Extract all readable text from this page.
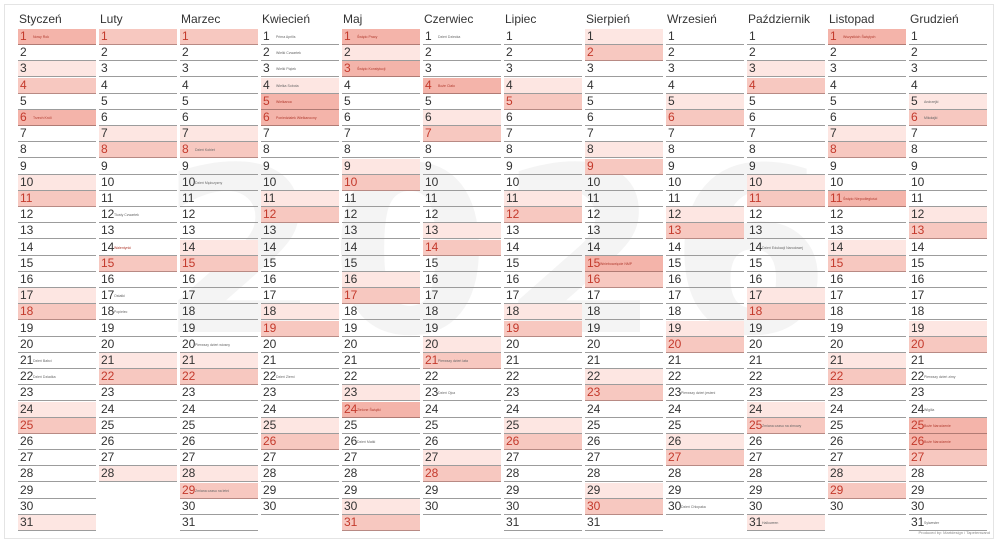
Styczeń
1 Nowy Rok
2
3
4
5
6 Trzech Króli
7
8
9
10
11
12
13
14
15
16
17
18
19
20
21 Dzień Babci
22 Dzień Dziadka
23
24
25
26
27
28
29
30
31
Luty
1
2
3
4
5
6
7
8
9
10
11
12 Tłusty Czwartek
13
14 Walentynki
15
16
17 Ostatki
18 Popielec
19
20
21
22
23
24
25
26
27
28
Marzec
1
2
3
4
5
6
7
8 Dzień Kobiet
9
10 Dzień Mężczyzny
11
12
13
14
15
16
17
18
19
20 Pierwszy dzień wiosny
21
22
23
24
25
26
27
28
29 Zmiana czasu na letni
30
31
Kwiecień
1 Prima Aprilis
2 Wielki Czwartek
3 Wielki Piątek
4 Wielka Sobota
5 Wielkanoc
6 Poniedziałek Wielkanocny
7
8
9
10
11
12
13
14
15
16
17
18
19
20
21
22 Dzień Ziemi
23
24
25
26
27
28
29
30
Maj
1 Święto Pracy
2
3 Święto Konstytucji
4
5
6
7
8
9
10
11
12
13
14
15
16
17
18
19
20
21
22
23
24 Zielone Świątki
25
26 Dzień Matki
27
28
29
30
31
Czerwiec
1 Dzień Dziecka
2
3
4 Boże Ciało
5
6
7
8
9
10
11
12
13
14
15
16
17
18
19
20
21 Pierwszy dzień lata
22
23 Dzień Ojca
24
25
26
27
28
29
30
Lipiec
1
2
3
4
5
6
7
8
9
10
11
12
13
14
15
16
17
18
19
20
21
22
23
24
25
26
27
28
29
30
31
Sierpień
1
2
3
4
5
6
7
8
9
10
11
12
13
14
15 Wniebowzięcie NMP
16
17
18
19
20
21
22
23
24
25
26
27
28
29
30
31
Wrzesień
1
2
3
4
5
6
7
8
9
10
11
12
13
14
15
16
17
18
19
20
21
22
23 Pierwszy dzień jesieni
24
25
26
27
28
29
30 Dzień Chłopaka
Październik
1
2
3
4
5
6
7
8
9
10
11
12
13
14 Dzień Edukacji Narodowej
15
16
17
18
19
20
21
22
23
24
25 Zmiana czasu na zimowy
26
27
28
29
30
31 Halloween
Listopad
1 Wszystkich Świętych
2
3
4
5
6
7
8
9
10
11 Święto Niepodległości
12
13
14
15
16
17
18
19
20
21
22
23
24
25
26
27
28
29
30
Grudzień
1
2
3
4
5 Andrzejki
6 Mikołajki
7
8
9
10
11
12
13
14
15
16
17
18
19
20
21
22 Pierwszy dzień zimy
23
24 Wigilia
25 Boże Narodzenie
26 Boże Narodzenie
27
28
29
30
31 Sylwester
Produced by: Martdesign / Tapetenwand
